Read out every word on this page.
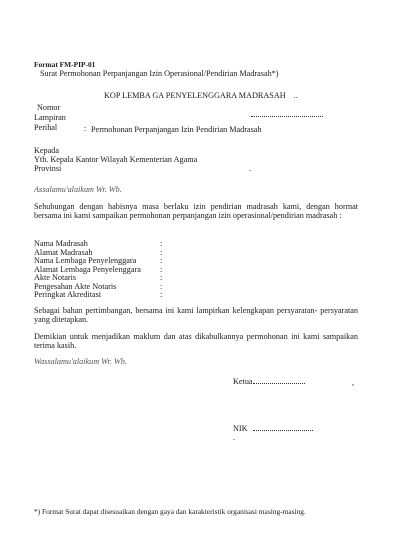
Format FM-PIP-01
Surat Permohonan Perpanjangan Izin Operasional/Pendirian Madrasah*)
KOP LEMBA GA PENYELENGGARA MADRASAH ..
Nomor
Lampiran
Perihal	: Permohonan Perpanjangan Izin Pendirian Madrasah
Kepada
Yth. Kepala Kantor Wilayah Kementerian Agama
Provinsi	.
Assalamu'alaikum Wr. Wb.
Sehubungan dengan habisnya masa berlaku izin pendirian madrasah kami, dengan hormat bersama ini kami sampaikan permohonan perpanjangan izin operasional/pendirian madrasah :
Nama Madrasah	:
Alamat Madrasah	:
Nama Lembaga Penyelenggara	:
Alamat Lembaga Penyelenggara :
Akte Notaris	:
Pengesahan Akte Notaris	:
Peringkat Akreditasi	:
Sebagai bahan pertimbangan, bersama ini kami lampirkan kelengkapan persyaratan- persyaratan yang ditetapkan.
Demikian untuk menjadikan maklum dan atas dikabulkannya permohonan ini kami sampaikan terima kasih.
Wassalamu'alaikum Wr. Wb.
Ketua	,
NIK
.
*) Format Surat dapat disesuaikan dengan gaya dan karakteristik organisasi masing-masing.
